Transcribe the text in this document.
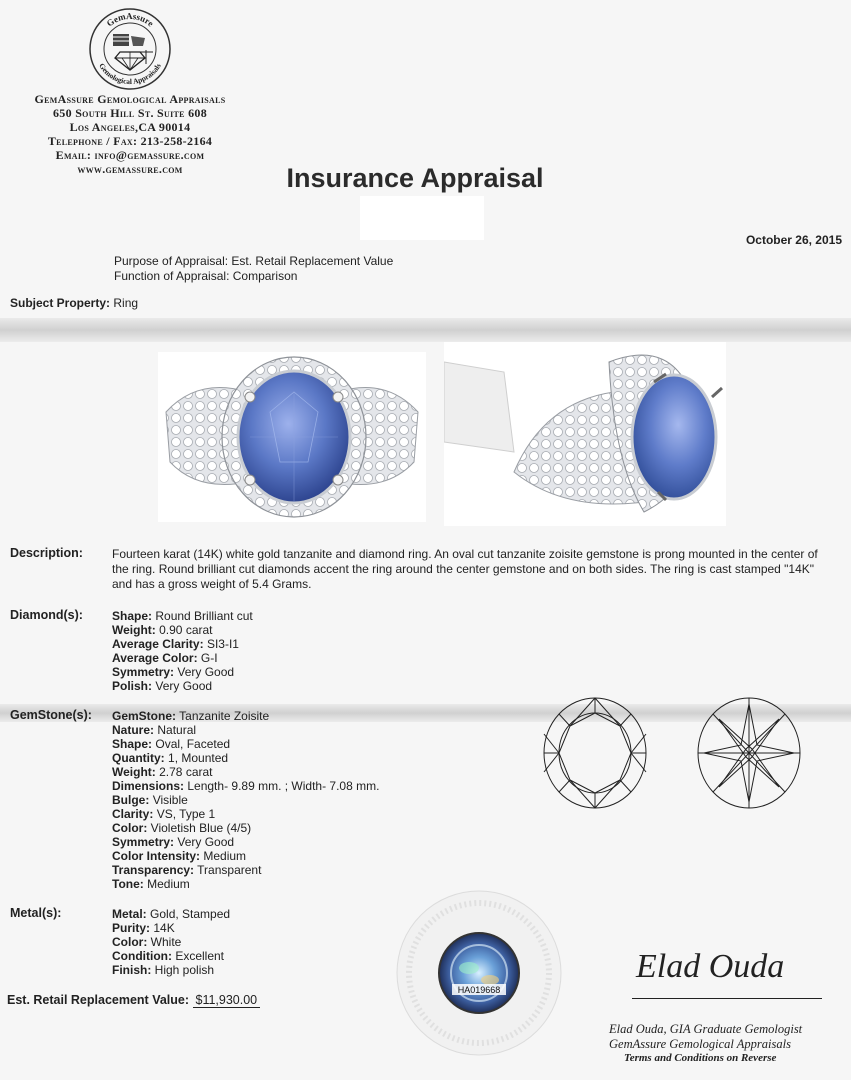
GemAssure
Gemological Appraisals
GemAssure Gemological Appraisals
650 South Hill St. Suite 608
Los Angeles,CA 90014
Telephone / Fax: 213-258-2164
Email: info@gemassure.com
www.gemassure.com	Insurance Appraisal
October 26, 2015
Purpose of Appraisal: Est. Retail Replacement Value
Function of Appraisal: Comparison
Subject Property: Ring
Description: Fourteen karat (14K) white gold tanzanite and diamond ring. An oval cut tanzanite zoisite gemstone is prong mounted in the center of the ring. Round brilliant cut diamonds accent the ring around the center gemstone and on both sides. The ring is cast stamped "14K" and has a gross weight of 5.4 Grams.
Diamond(s): Shape: Round Brilliant cut
Weight: 0.90 carat
Average Clarity: SI3-I1
Average Color: G-I
Symmetry: Very Good
Polish: Very Good
GemStone(s): GemStone: Tanzanite Zoisite
Nature: Natural
Shape: Oval, Faceted
Quantity: 1, Mounted
Weight: 2.78 carat
Dimensions: Length- 9.89 mm. ; Width- 7.08 mm.
Bulge: Visible
Clarity: VS, Type 1
Color: Violetish Blue (4/5)
Symmetry: Very Good
Color Intensity: Medium
Transparency: Transparent
Tone: Medium
Metal(s):	Metal: Gold, Stamped
Purity: 14K
Color: White
Condition: Excellent
Finish: High polish
Est. Retail Replacement Value: $11,930.00
HA019668
Elad Ouda
Elad Ouda, GIA Graduate Gemologist
GemAssure Gemological Appraisals
Terms and Conditions on Reverse
